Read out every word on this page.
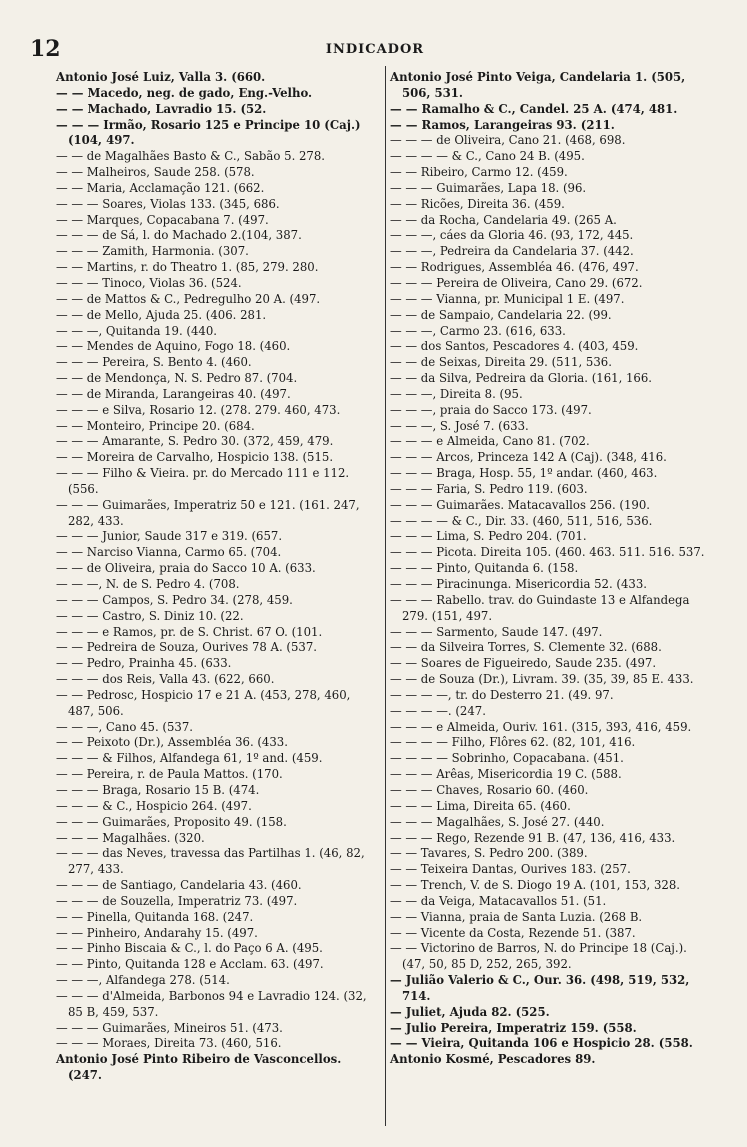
12	INDICADOR

Antonio José Luiz, Valla 3. (660.

— — Macedo, neg. de gado, Eng.-Velho.

— — Machado, Lavradio 15. (52.

— — — Irmão, Rosario 125 e Principe 10 (Caj.) (104, 497.

— — de Magalhães Basto & C., Sabão 5. 278.

— — Malheiros, Saude 258. (578.

— — Maria, Acclamação 121. (662.

— — — Soares, Violas 133. (345, 686.

— — Marques, Copacabana 7. (497.

— — — de Sá, l. do Machado 2.(104, 387.

— — — Zamith, Harmonia. (307.

— — Martins, r. do Theatro 1. (85, 279. 280.

— — — Tinoco, Violas 36. (524.

— — de Mattos & C., Pedregulho 20 A. (497.

— — de Mello, Ajuda 25. (406. 281.

— — —, Quitanda 19. (440.

— — Mendes de Aquino, Fogo 18. (460.

— — — Pereira, S. Bento 4. (460.

— — de Mendonça, N. S. Pedro 87. (704.

— — de Miranda, Larangeiras 40. (497.

— — — e Silva, Rosario 12. (278. 279. 460, 473.

— — Monteiro, Principe 20. (684.

— — — Amarante, S. Pedro 30. (372, 459, 479.

— — Moreira de Carvalho, Hospicio 138. (515.

— — — Filho & Vieira. pr. do Mercado 111 e 112. (556.

— — — Guimarães, Imperatriz 50 e 121. (161. 247, 282, 433.

— — — Junior, Saude 317 e 319. (657.

— — Narciso Vianna, Carmo 65. (704.

— — de Oliveira, praia do Sacco 10 A. (633.

— — —, N. de S. Pedro 4. (708.

— — — Campos, S. Pedro 34. (278, 459.

— — — Castro, S. Diniz 10. (22.

— — — e Ramos, pr. de S. Christ. 67 O. (101.

— — Pedreira de Souza, Ourives 78 A. (537.

— — Pedro, Prainha 45. (633.

— — — dos Reis, Valla 43. (622, 660.

— — Pedrosc, Hospicio 17 e 21 A. (453, 278, 460, 487, 506.

— — —, Cano 45. (537.

— — Peixoto (Dr.), Assembléa 36. (433.

— — — & Filhos, Alfandega 61, 1º and. (459.

— — Pereira, r. de Paula Mattos. (170.

— — — Braga, Rosario 15 B. (474.

— — — & C., Hospicio 264. (497.

— — — Guimarães, Proposito 49. (158.

— — — Magalhães. (320.

— — — das Neves, travessa das Partilhas 1. (46, 82, 277, 433.

— — — de Santiago, Candelaria 43. (460.

— — — de Souzella, Imperatriz 73. (497.

— — Pinella, Quitanda 168. (247.

— — Pinheiro, Andarahy 15. (497.

— — Pinho Biscaia & C., l. do Paço 6 A. (495.

— — Pinto, Quitanda 128 e Acclam. 63. (497.

— — —, Alfandega 278. (514.

— — — d'Almeida, Barbonos 94 e Lavradio 124. (32, 85 B, 459, 537.

— — — Guimarães, Mineiros 51. (473.

— — — Moraes, Direita 73. (460, 516.

Antonio José Pinto Ribeiro de Vasconcellos. (247.

Antonio José Pinto Veiga, Candelaria 1. (505, 506, 531.

— — Ramalho & C., Candel. 25 A. (474, 481.

— — Ramos, Larangeiras 93. (211.

— — — de Oliveira, Cano 21. (468, 698.

— — — — & C., Cano 24 B. (495.

— — Ribeiro, Carmo 12. (459.

— — — Guimarães, Lapa 18. (96.

— — Ricões, Direita 36. (459.

— — da Rocha, Candelaria 49. (265 A.

— — —, cáes da Gloria 46. (93, 172, 445.

— — —, Pedreira da Candelaria 37. (442.

— — Rodrigues, Assembléa 46. (476, 497.

— — — Pereira de Oliveira, Cano 29. (672.

— — — Vianna, pr. Municipal 1 E. (497.

— — de Sampaio, Candelaria 22. (99.

— — —, Carmo 23. (616, 633.

— — dos Santos, Pescadores 4. (403, 459.

— — de Seixas, Direita 29. (511, 536.

— — da Silva, Pedreira da Gloria. (161, 166.

— — —, Direita 8. (95.

— — —, praia do Sacco 173. (497.

— — —, S. José 7. (633.

— — — e Almeida, Cano 81. (702.

— — — Arcos, Princeza 142 A (Caj). (348, 416.

— — — Braga, Hosp. 55, 1º andar. (460, 463.

— — — Faria, S. Pedro 119. (603.

— — — Guimarães. Matacavallos 256. (190.

— — — — & C., Dir. 33. (460, 511, 516, 536.

— — — Lima, S. Pedro 204. (701.

— — — Picota. Direita 105. (460. 463. 511. 516. 537.

— — — Pinto, Quitanda 6. (158.

— — — Piracinunga. Misericordia 52. (433.

— — — Rabello. trav. do Guindaste 13 e Alfandega 279. (151, 497.

— — — Sarmento, Saude 147. (497.

— — da Silveira Torres, S. Clemente 32. (688.

— — Soares de Figueiredo, Saude 235. (497.

— — de Souza (Dr.), Livram. 39. (35, 39, 85 E. 433.

— — — —, tr. do Desterro 21. (49. 97.

— — — —. (247.

— — — e Almeida, Ouriv. 161. (315, 393, 416, 459.

— — — — Filho, Flôres 62. (82, 101, 416.

— — — — Sobrinho, Copacabana. (451.

— — — Arêas, Misericordia 19 C. (588.

— — — Chaves, Rosario 60. (460.

— — — Lima, Direita 65. (460.

— — — Magalhães, S. José 27. (440.

— — — Rego, Rezende 91 B. (47, 136, 416, 433.

— — Tavares, S. Pedro 200. (389.

— — Teixeira Dantas, Ourives 183. (257.

— — Trench, V. de S. Diogo 19 A. (101, 153, 328.

— — da Veiga, Matacavallos 51. (51.

— — Vianna, praia de Santa Luzia. (268 B.

— — Vicente da Costa, Rezende 51. (387.

— — Victorino de Barros, N. do Principe 18 (Caj.). (47, 50, 85 D, 252, 265, 392.

— Julião Valerio & C., Our. 36. (498, 519, 532, 714.

— Juliet, Ajuda 82. (525.

— Julio Pereira, Imperatriz 159. (558.

— — Vieira, Quitanda 106 e Hospicio 28. (558.

Antonio Kosmé, Pescadores 89.
